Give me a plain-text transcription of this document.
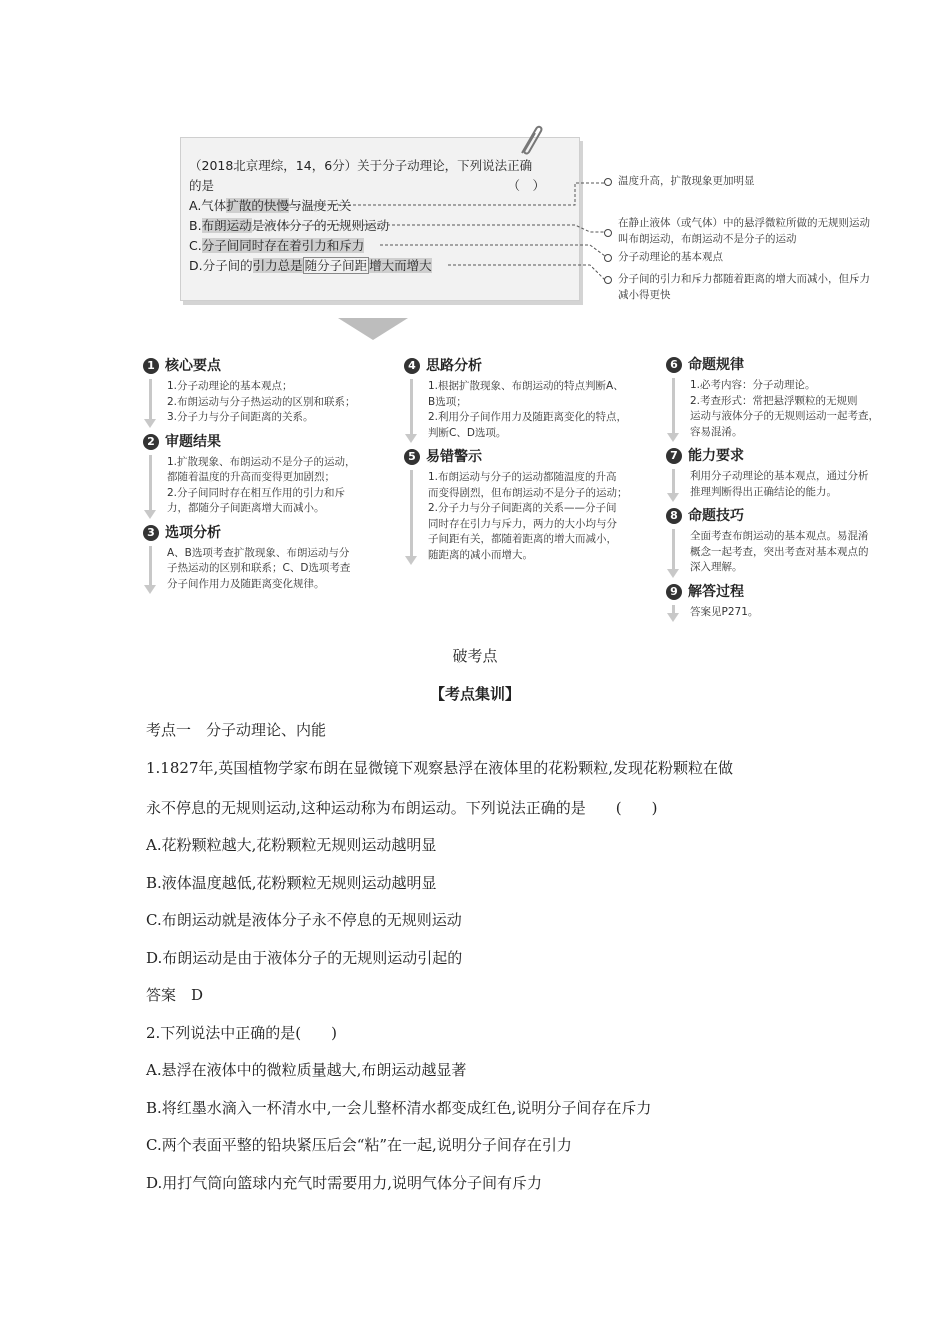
（2018北京理综，14，6分）关于分子动理论，下列说法正确
的是	（　）
A.气体扩散的快慢与温度无关
B.布朗运动是液体分子的无规则运动
C.分子间同时存在着引力和斥力
D.分子间的引力总是 随分子间距 增大而增大
温度升高，扩散现象更加明显
在静止液体（或气体）中的悬浮微粒所做的无规则运动
叫布朗运动，布朗运动不是分子的运动
分子动理论的基本观点
分子间的引力和斥力都随着距离的增大而减小，但斥力
减小得更快
1 核心要点
1.分子动理论的基本观点；
2.布朗运动与分子热运动的区别和联系；
3.分子力与分子间距离的关系。
2 审题结果
1.扩散现象、布朗运动不是分子的运动，
都随着温度的升高而变得更加剧烈；
2.分子间同时存在相互作用的引力和斥
力，都随分子间距离增大而减小。
3 选项分析
A、B选项考查扩散现象、布朗运动与分
子热运动的区别和联系；C、D选项考查
分子间作用力及随距离变化规律。
4 思路分析
1.根据扩散现象、布朗运动的特点判断A、
B选项；
2.利用分子间作用力及随距离变化的特点，
判断C、D选项。
5 易错警示
1.布朗运动与分子的运动都随温度的升高
而变得剧烈，但布朗运动不是分子的运动；
2.分子力与分子间距离的关系——分子间
同时存在引力与斥力，两力的大小均与分
子间距有关，都随着距离的增大而减小，
随距离的减小而增大。
6 命题规律
1.必考内容：分子动理论。
2.考查形式：常把悬浮颗粒的无规则
运动与液体分子的无规则运动一起考查，
容易混淆。
7 能力要求
利用分子动理论的基本观点，通过分析
推理判断得出正确结论的能力。
8 命题技巧
全面考查布朗运动的基本观点。易混淆
概念一起考查，突出考查对基本观点的
深入理解。
9 解答过程
答案见P271。
破考点
【考点集训】
考点一　分子动理论、内能
1.1827年,英国植物学家布朗在显微镜下观察悬浮在液体里的花粉颗粒,发现花粉颗粒在做
永不停息的无规则运动,这种运动称为布朗运动。下列说法正确的是　　(　　)
A.花粉颗粒越大,花粉颗粒无规则运动越明显
B.液体温度越低,花粉颗粒无规则运动越明显
C.布朗运动就是液体分子永不停息的无规则运动
D.布朗运动是由于液体分子的无规则运动引起的
答案　D
2.下列说法中正确的是(　　)
A.悬浮在液体中的微粒质量越大,布朗运动越显著
B.将红墨水滴入一杯清水中,一会儿整杯清水都变成红色,说明分子间存在斥力
C.两个表面平整的铅块紧压后会“粘”在一起,说明分子间存在引力
D.用打气筒向篮球内充气时需要用力,说明气体分子间有斥力
